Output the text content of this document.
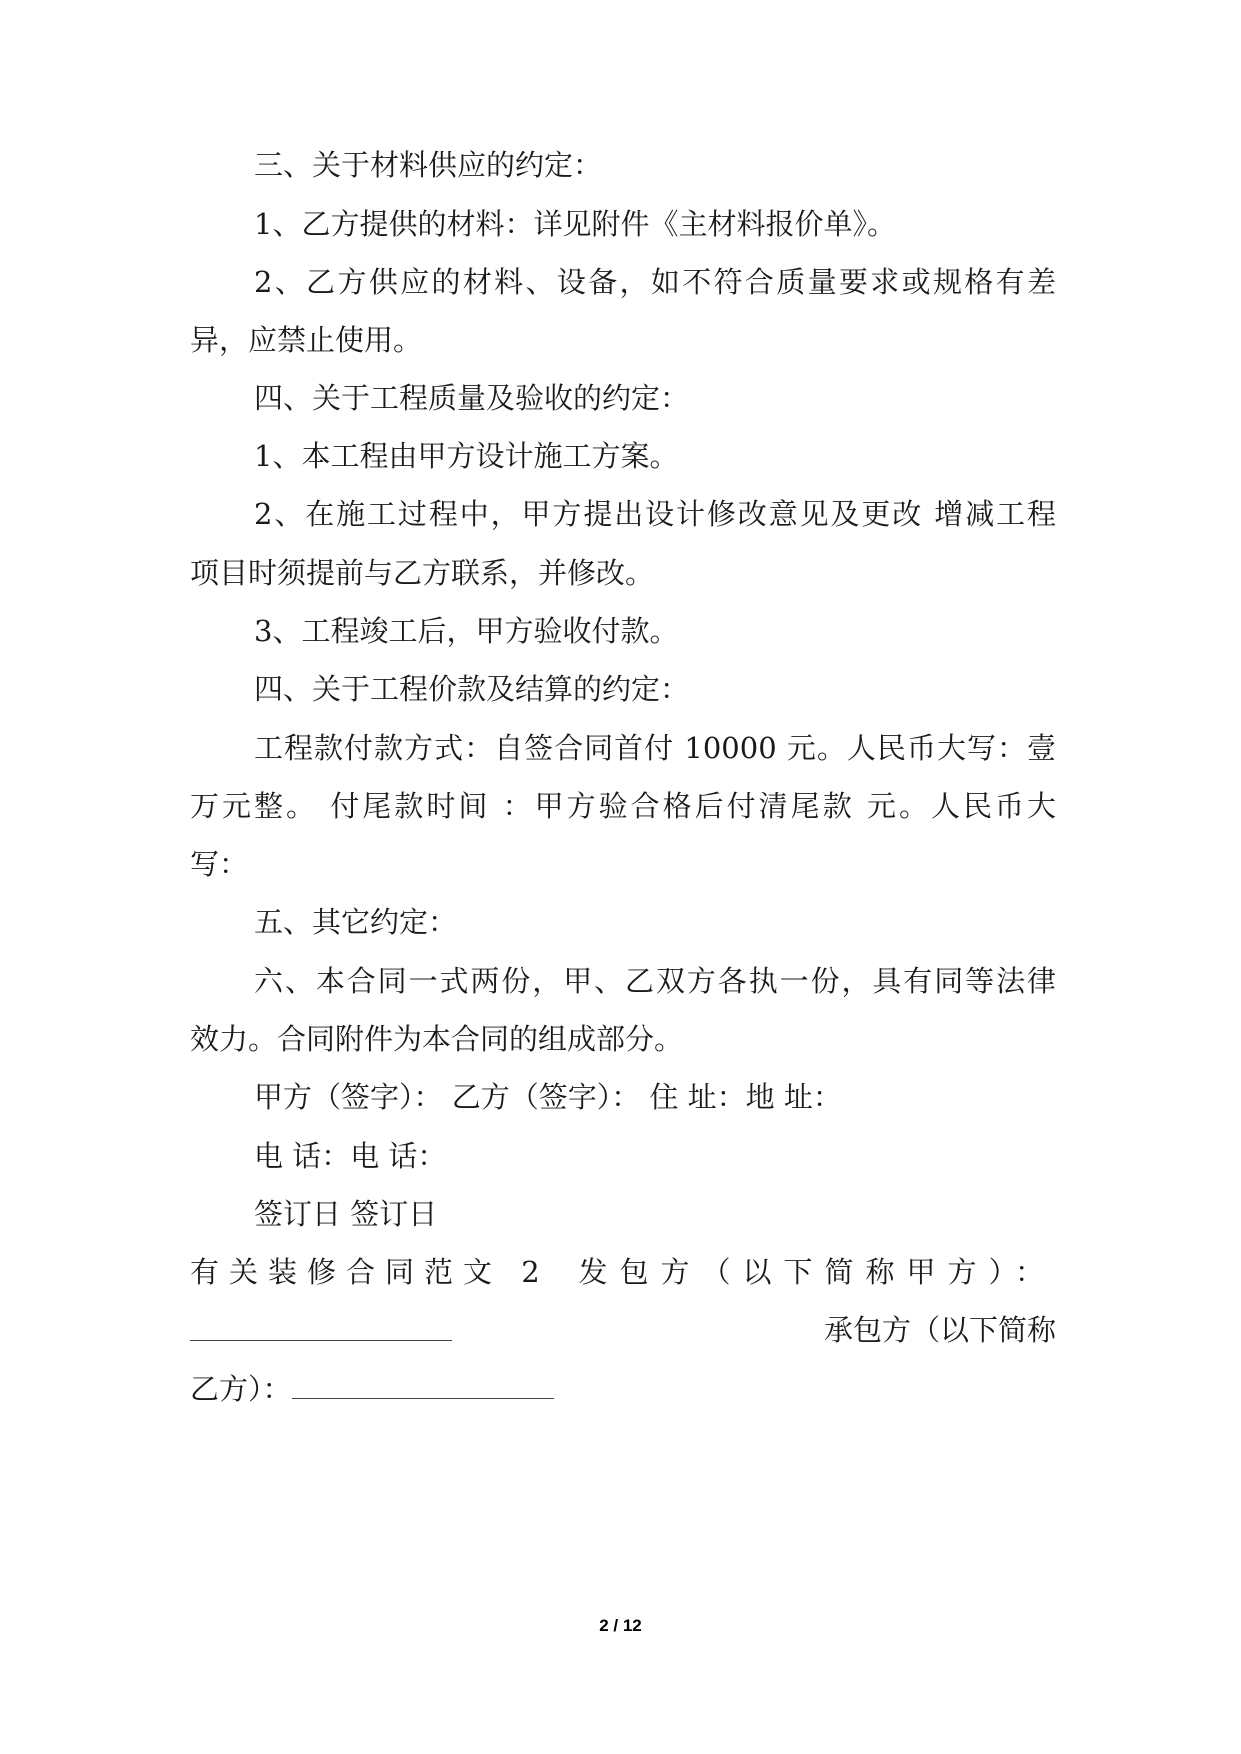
三、关于材料供应的约定：
1、乙方提供的材料：详见附件《主材料报价单》。
2、乙方供应的材料、设备，如不符合质量要求或规格有差
异，应禁止使用。
四、关于工程质量及验收的约定：
1、本工程由甲方设计施工方案。
2、在施工过程中，甲方提出设计修改意见及更改 增减工程
项目时须提前与乙方联系，并修改。
3、工程竣工后，甲方验收付款。
四、关于工程价款及结算的约定：
工程款付款方式：自签合同首付 10000 元。人民币大写：壹
万元整。 付尾款时间 ：甲方验合格后付清尾款 元。人民币大
写：
五、其它约定：
六、本合同一式两份，甲、乙双方各执一份，具有同等法律
效力。合同附件为本合同的组成部分。
甲方（签字）： 乙方（签字）： 住 址：地 址：
电 话：电 话：
签订日 签订日
有关装修合同范文 2 发包方（以下简称甲方）：
承包方（以下简称
乙方）：
2 / 12
